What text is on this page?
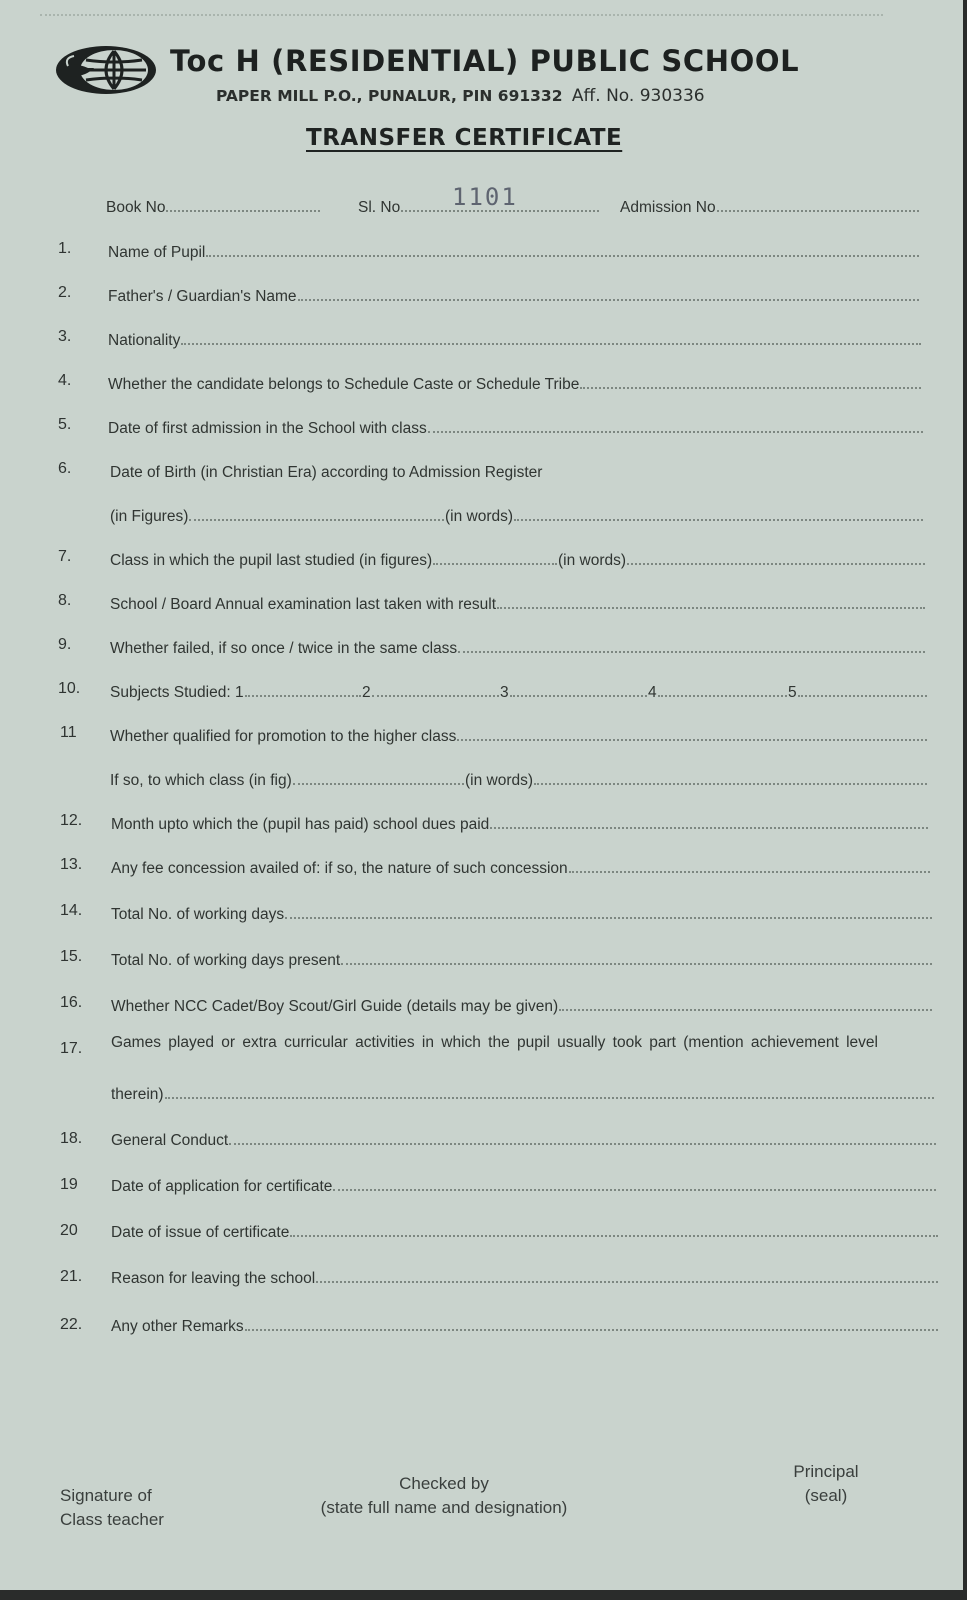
Toc H (RESIDENTIAL) PUBLIC SCHOOL
PAPER MILL P.O., PUNALUR, PIN 691332 Aff. No. 930336
TRANSFER CERTIFICATE
Book No	Sl. No 1101	Admission No
1. Name of Pupil
2. Father's / Guardian's Name
3. Nationality
4. Whether the candidate belongs to Schedule Caste or Schedule Tribe
5. Date of first admission in the School with class
6. Date of Birth (in Christian Era) according to Admission Register
(in Figures)	(in words)
7. Class in which the pupil last studied (in figures)	(in words)
8. School / Board Annual examination last taken with result
9. Whether failed, if so once / twice in the same class
10. Subjects Studied: 1	2	3	4	5
11 Whether qualified for promotion to the higher class
If so, to which class (in fig)	(in words)
12. Month upto which the (pupil has paid) school dues paid
13. Any fee concession availed of: if so, the nature of such concession
14. Total No. of working days
15. Total No. of working days present
16. Whether NCC Cadet/Boy Scout/Girl Guide (details may be given)
17. Games played or extra curricular activities in which the pupil usually took part (mention achievement level
therein)
18. General Conduct
19 Date of application for certificate
20 Date of issue of certificate
21. Reason for leaving the school
22. Any other Remarks
Signature of
Class teacher
Checked by
(state full name and designation)
Principal
(seal)
